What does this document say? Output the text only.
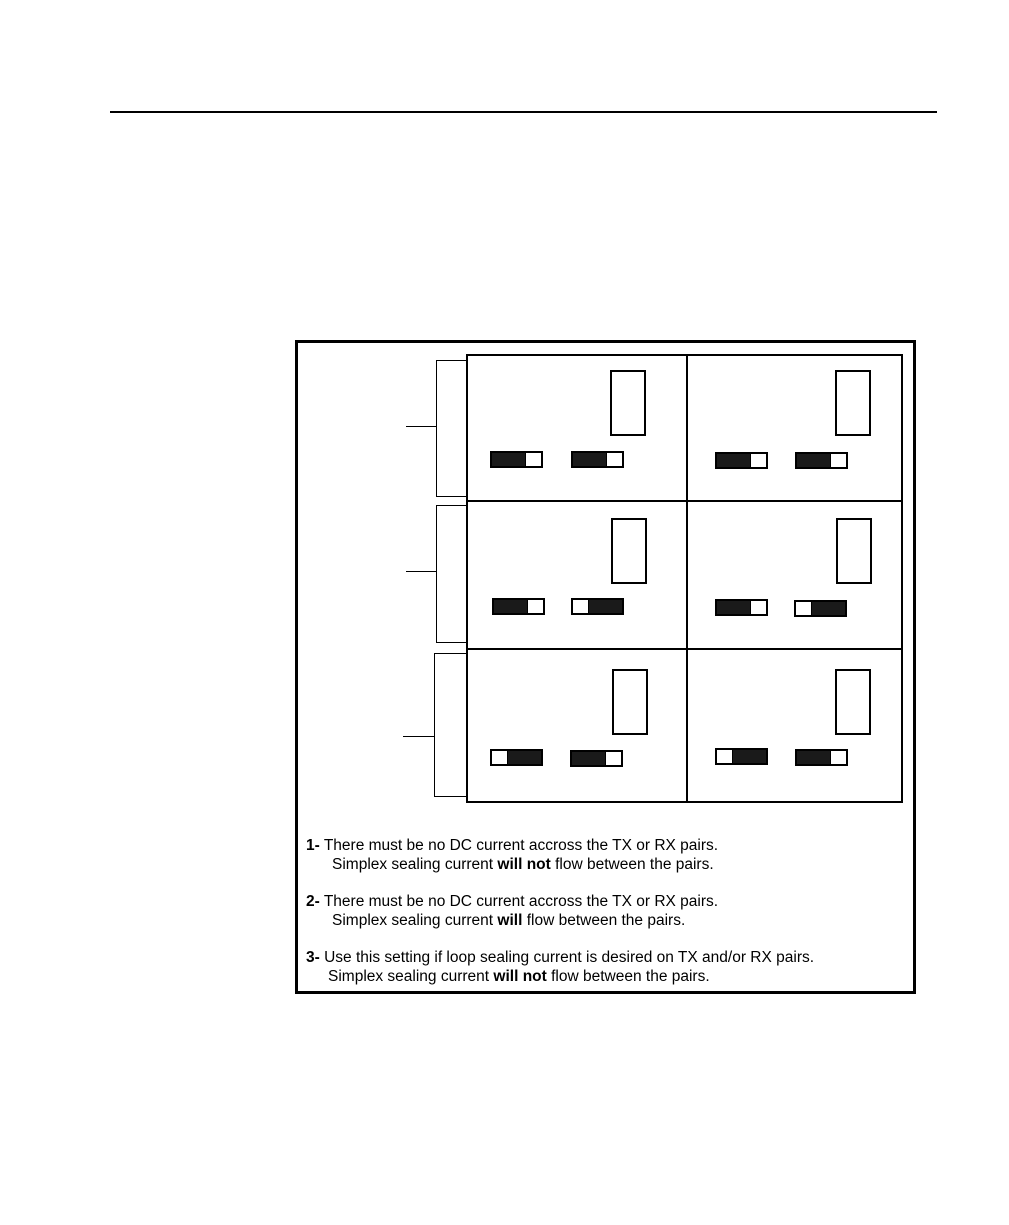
1- There must be no DC current accross the TX or RX pairs.
Simplex sealing current will not flow between the pairs.

2- There must be no DC current accross the TX or RX pairs.
Simplex sealing current will flow between the pairs.

3- Use this setting if loop sealing current is desired on TX and/or RX pairs.
Simplex sealing current will not flow between the pairs.
